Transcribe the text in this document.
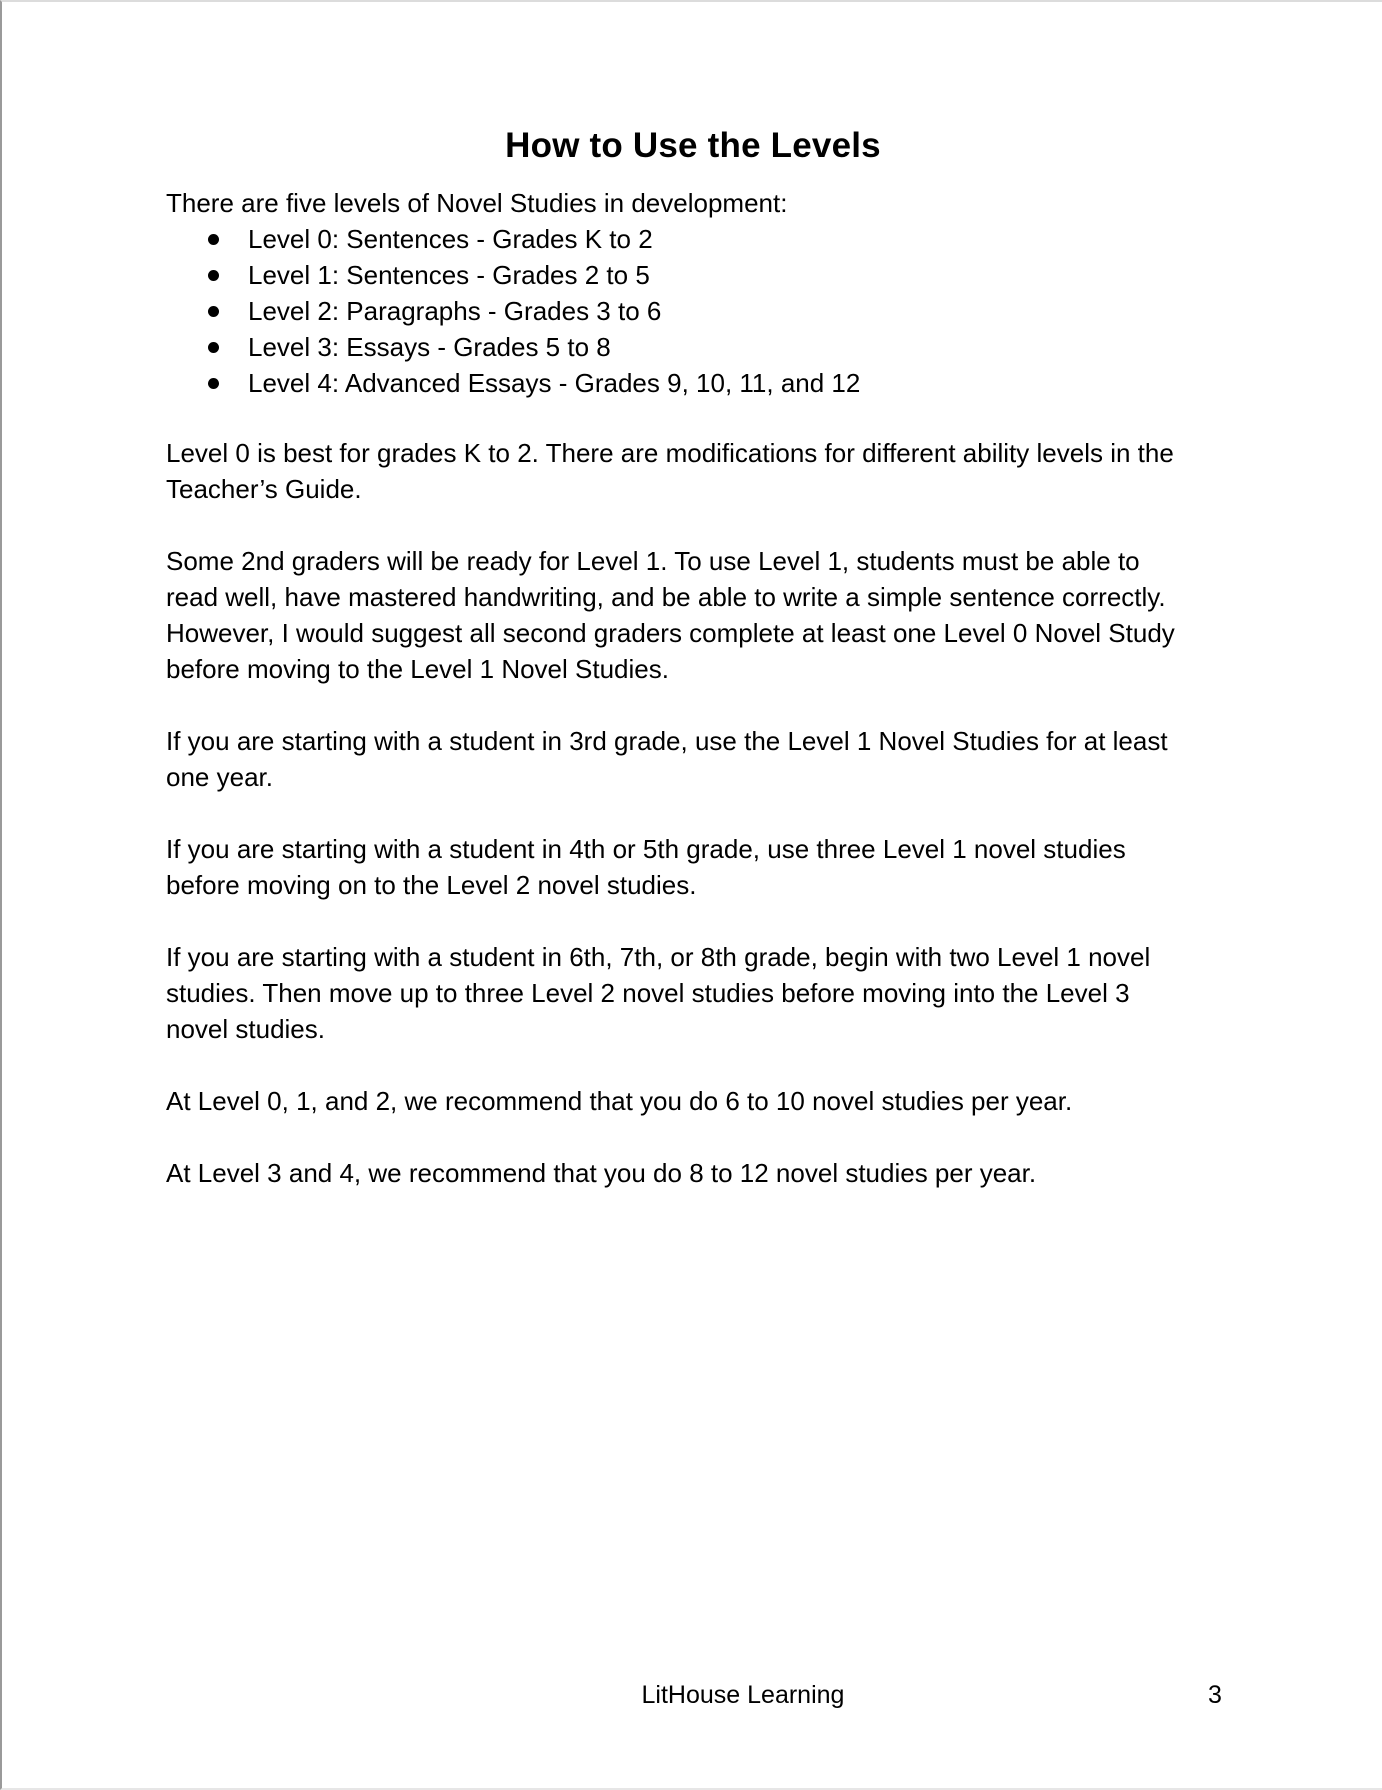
How to Use the Levels

There are five levels of Novel Studies in development:

Level 0: Sentences - Grades K to 2
Level 1: Sentences - Grades 2 to 5
Level 2: Paragraphs - Grades 3 to 6
Level 3: Essays - Grades 5 to 8
Level 4: Advanced Essays - Grades 9, 10, 11, and 12

Level 0 is best for grades K to 2. There are modifications for different ability levels in the
Teacher’s Guide.

Some 2nd graders will be ready for Level 1. To use Level 1, students must be able to
read well, have mastered handwriting, and be able to write a simple sentence correctly.
However, I would suggest all second graders complete at least one Level 0 Novel Study
before moving to the Level 1 Novel Studies.

If you are starting with a student in 3rd grade, use the Level 1 Novel Studies for at least
one year.

If you are starting with a student in 4th or 5th grade, use three Level 1 novel studies
before moving on to the Level 2 novel studies.

If you are starting with a student in 6th, 7th, or 8th grade, begin with two Level 1 novel
studies. Then move up to three Level 2 novel studies before moving into the Level 3
novel studies.

At Level 0, 1, and 2, we recommend that you do 6 to 10 novel studies per year.

At Level 3 and 4, we recommend that you do 8 to 12 novel studies per year.

LitHouse Learning	3
